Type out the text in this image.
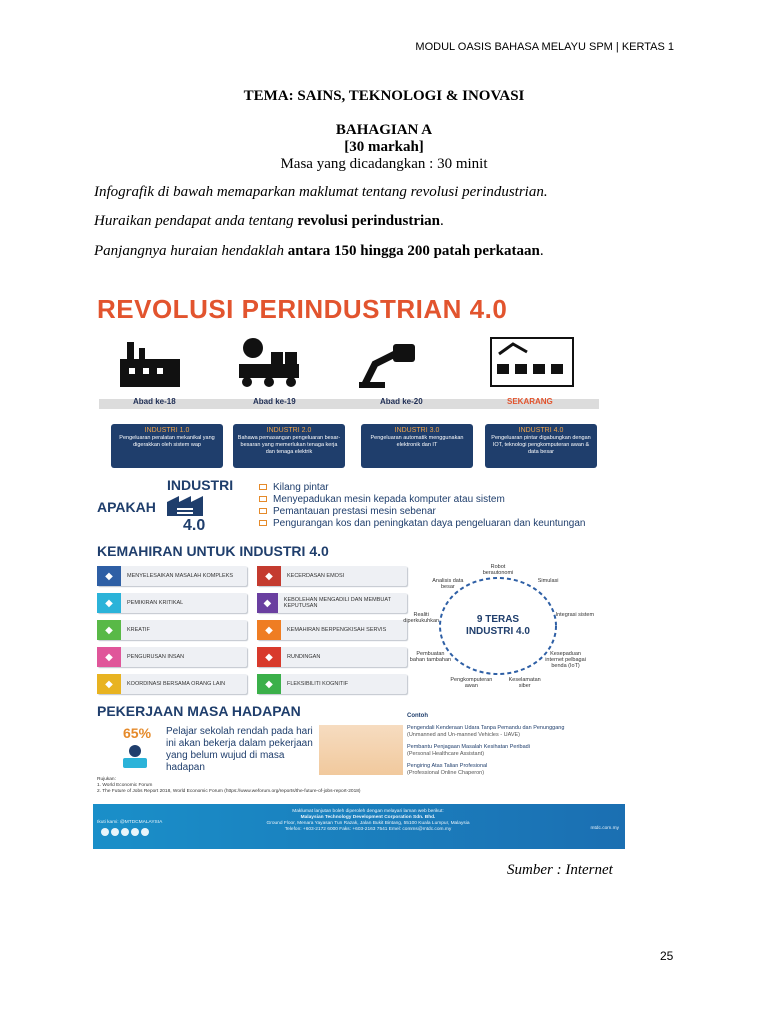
MODUL OASIS BAHASA MELAYU SPM | KERTAS 1
TEMA: SAINS, TEKNOLOGI & INOVASI
BAHAGIAN A
[30 markah]
Masa yang dicadangkan : 30 minit
Infografik di bawah memaparkan maklumat tentang revolusi perindustrian.
Huraikan pendapat anda tentang revolusi perindustrian.
Panjangnya huraian hendaklah antara 150 hingga 200 patah perkataan.
REVOLUSI PERINDUSTRIAN 4.0
Abad ke-18	Abad ke-19	Abad ke-20	SEKARANG
INDUSTRI 1.0
Pengeluaran peralatan mekanikal yang digerakkan oleh sistem wap
INDUSTRI 2.0
Bahawa pemasangan pengeluaran besar-besaran yang memerlukan tenaga kerja dan tenaga elektrik
INDUSTRI 3.0
Pengeluaran automatik menggunakan elektronik dan IT
INDUSTRI 4.0
Pengeluaran pintar digabungkan dengan IOT, teknologi pengkomputeran awan & data besar
INDUSTRI
APAKAH
4.0
Kilang pintar
Menyepadukan mesin kepada komputer atau sistem
Pemantauan prestasi mesin sebenar
Pengurangan kos dan peningkatan daya pengeluaran dan keuntungan
KEMAHIRAN UNTUK INDUSTRI 4.0
◆	MENYELESAIKAN MASALAH KOMPLEKS
◆	PEMIKIRAN KRITIKAL
◆	KREATIF
◆	PENGURUSAN INSAN
◆	KOORDINASI BERSAMA ORANG LAIN
◆	KECERDASAN EMOSI
◆	KEBOLEHAN MENGADILI DAN MEMBUAT KEPUTUSAN
◆	KEMAHIRAN BERPENGKISAH SERVIS
◆	RUNDINGAN
◆	FLEKSIBILITI KOGNITIF
9 TERAS
INDUSTRI 4.0
Robot berautonomi
Simulasi
Integrasi sistem
Kesepaduan internet pelbagai benda (IoT)
Keselamatan siber
Pengkomputeran awan
Pembuatan bahan tambahan
Realiti diperkukuhkan
Analisis data besar
PEKERJAAN MASA HADAPAN
65% Pelajar sekolah rendah pada hari ini akan bekerja dalam pekerjaan yang belum wujud di masa hadapan
Contoh
Pengendali Kenderaan Udara Tanpa Pemandu dan Penunggang
(Unmanned and Un-manned Vehicles - UAVE)
Pembantu Penjagaan Masalah Kesihatan Peribadi
(Personal Healthcare Assistant)
Pengiring Atas Talian Profesional
(Professional Online Chaperon)
Rujukan:
1. World Economic Forum
2. The Future of Jobs Report 2018, World Economic Forum (https://www.weforum.org/reports/the-future-of-jobs-report-2018)
Ikuti kami: @MTDCMALAYSIA
Maklumat lanjutan boleh diperoleh dengan melayari laman web berikut:
Malaysian Technology Development Corporation Sdn. Bhd.
Ground Floor, Menara Yayasan Tun Razak, Jalan Bukit Bintang, 55100 Kuala Lumpur, Malaysia
Telefon: +603-2172 6000 Faks: +603-2163 7541 Emel: comms@mtdc.com.my	mtdc.com.my
Sumber : Internet
25
